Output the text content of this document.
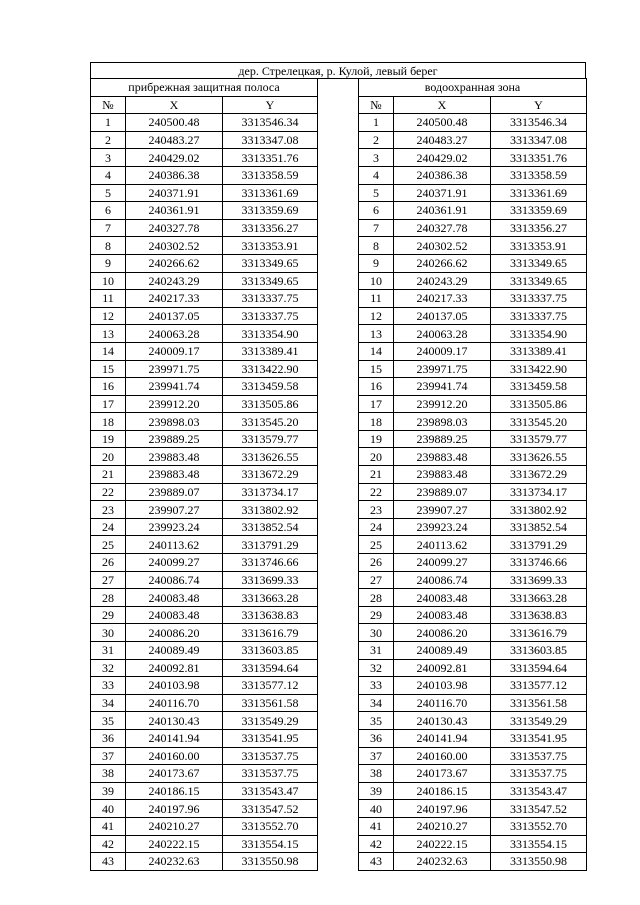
дер. Стрелецкая, р. Кулой, левый берег
прибрежная защитная полоса		
№	X	Y
1	240500.48	3313546.34
2	240483.27	3313347.08
3	240429.02	3313351.76
4	240386.38	3313358.59
5	240371.91	3313361.69
6	240361.91	3313359.69
7	240327.78	3313356.27
8	240302.52	3313353.91
9	240266.62	3313349.65
10	240243.29	3313349.65
11	240217.33	3313337.75
12	240137.05	3313337.75
13	240063.28	3313354.90
14	240009.17	3313389.41
15	239971.75	3313422.90
16	239941.74	3313459.58
17	239912.20	3313505.86
18	239898.03	3313545.20
19	239889.25	3313579.77
20	239883.48	3313626.55
21	239883.48	3313672.29
22	239889.07	3313734.17
23	239907.27	3313802.92
24	239923.24	3313852.54
25	240113.62	3313791.29
26	240099.27	3313746.66
27	240086.74	3313699.33
28	240083.48	3313663.28
29	240083.48	3313638.83
30	240086.20	3313616.79
31	240089.49	3313603.85
32	240092.81	3313594.64
33	240103.98	3313577.12
34	240116.70	3313561.58
35	240130.43	3313549.29
36	240141.94	3313541.95
37	240160.00	3313537.75
38	240173.67	3313537.75
39	240186.15	3313543.47
40	240197.96	3313547.52
41	240210.27	3313552.70
42	240222.15	3313554.15
43	240232.63	3313550.98
водоохранная зона		
№	X	Y
1	240500.48	3313546.34
2	240483.27	3313347.08
3	240429.02	3313351.76
4	240386.38	3313358.59
5	240371.91	3313361.69
6	240361.91	3313359.69
7	240327.78	3313356.27
8	240302.52	3313353.91
9	240266.62	3313349.65
10	240243.29	3313349.65
11	240217.33	3313337.75
12	240137.05	3313337.75
13	240063.28	3313354.90
14	240009.17	3313389.41
15	239971.75	3313422.90
16	239941.74	3313459.58
17	239912.20	3313505.86
18	239898.03	3313545.20
19	239889.25	3313579.77
20	239883.48	3313626.55
21	239883.48	3313672.29
22	239889.07	3313734.17
23	239907.27	3313802.92
24	239923.24	3313852.54
25	240113.62	3313791.29
26	240099.27	3313746.66
27	240086.74	3313699.33
28	240083.48	3313663.28
29	240083.48	3313638.83
30	240086.20	3313616.79
31	240089.49	3313603.85
32	240092.81	3313594.64
33	240103.98	3313577.12
34	240116.70	3313561.58
35	240130.43	3313549.29
36	240141.94	3313541.95
37	240160.00	3313537.75
38	240173.67	3313537.75
39	240186.15	3313543.47
40	240197.96	3313547.52
41	240210.27	3313552.70
42	240222.15	3313554.15
43	240232.63	3313550.98
